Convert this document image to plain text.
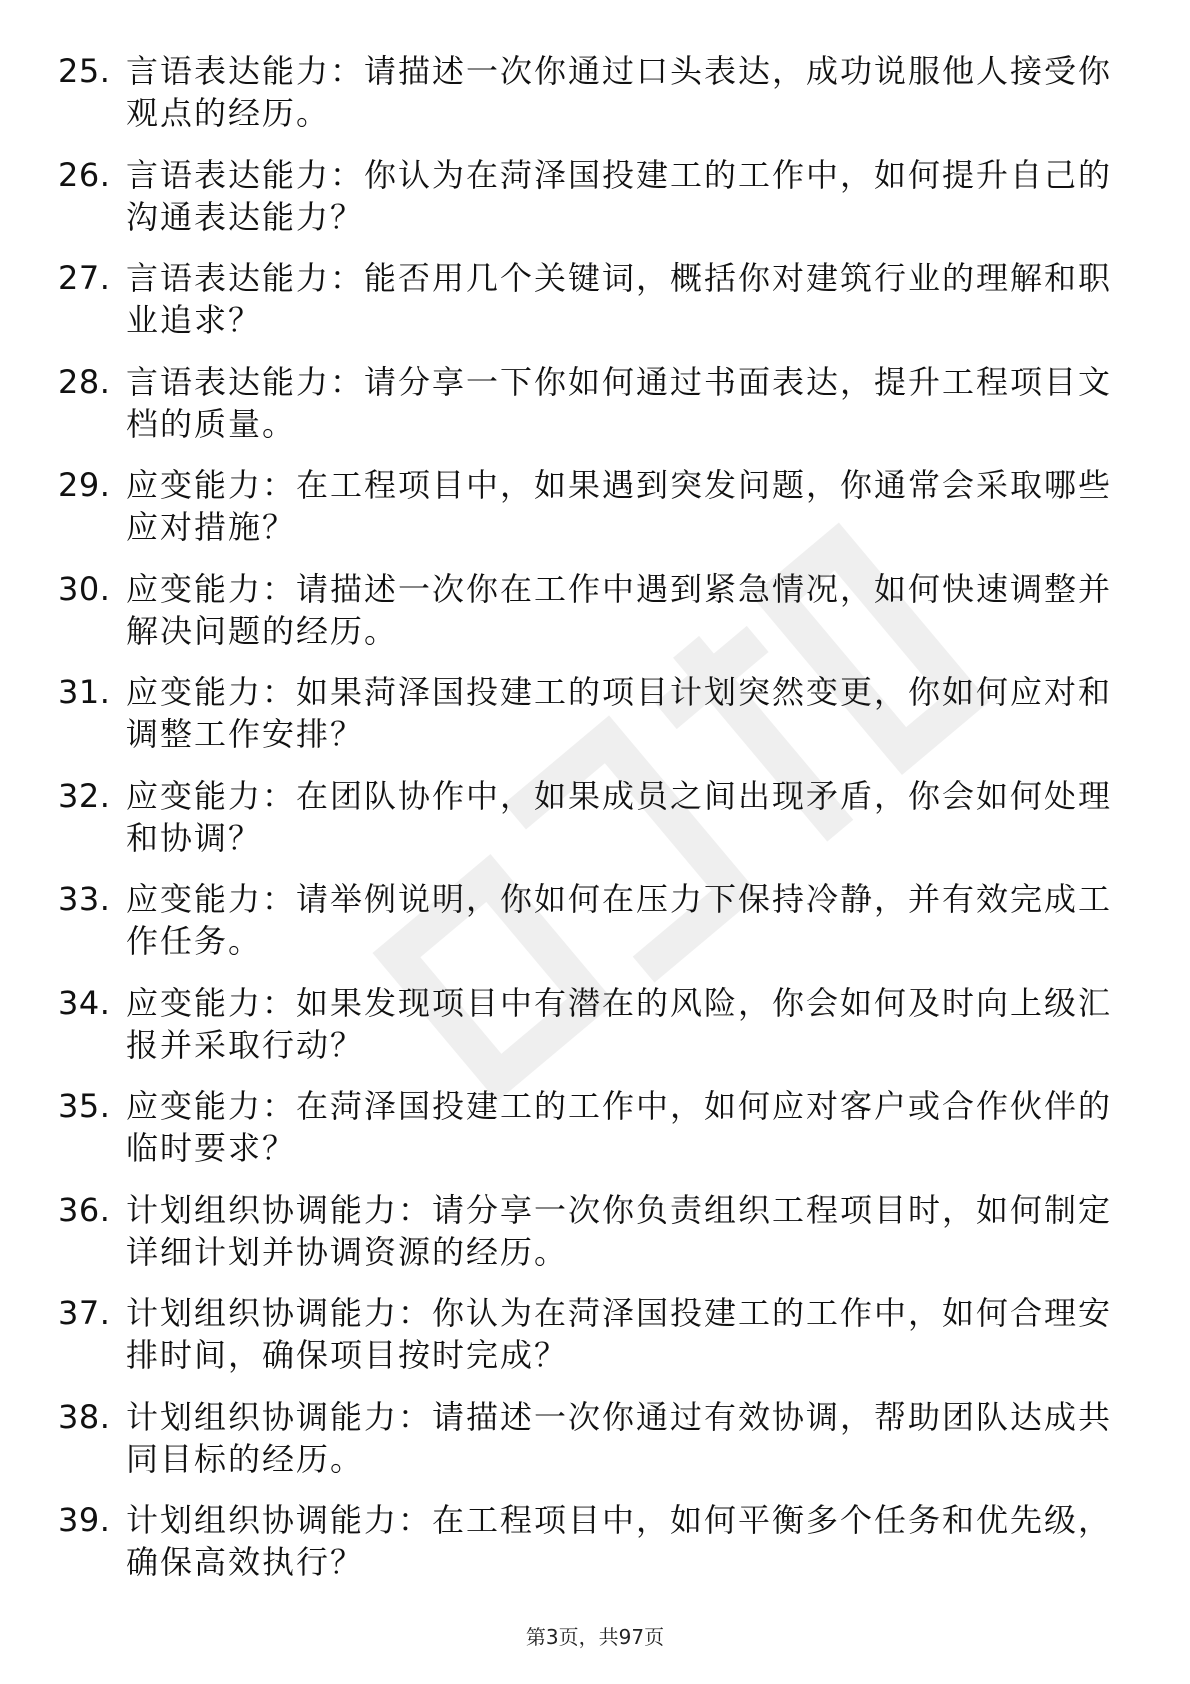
25. 言语表达能力：请描述一次你通过口头表达，成功说服他人接受你观点的经历。
26. 言语表达能力：你认为在菏泽国投建工的工作中，如何提升自己的沟通表达能力？
27. 言语表达能力：能否用几个关键词，概括你对建筑行业的理解和职业追求？
28. 言语表达能力：请分享一下你如何通过书面表达，提升工程项目文档的质量。
29. 应变能力：在工程项目中，如果遇到突发问题，你通常会采取哪些应对措施？
30. 应变能力：请描述一次你在工作中遇到紧急情况，如何快速调整并解决问题的经历。
31. 应变能力：如果菏泽国投建工的项目计划突然变更，你如何应对和调整工作安排？
32. 应变能力：在团队协作中，如果成员之间出现矛盾，你会如何处理和协调？
33. 应变能力：请举例说明，你如何在压力下保持冷静，并有效完成工作任务。
34. 应变能力：如果发现项目中有潜在的风险，你会如何及时向上级汇报并采取行动？
35. 应变能力：在菏泽国投建工的工作中，如何应对客户或合作伙伴的临时要求？
36. 计划组织协调能力：请分享一次你负责组织工程项目时，如何制定详细计划并协调资源的经历。
37. 计划组织协调能力：你认为在菏泽国投建工的工作中，如何合理安排时间，确保项目按时完成？
38. 计划组织协调能力：请描述一次你通过有效协调，帮助团队达成共同目标的经历。
39. 计划组织协调能力：在工程项目中，如何平衡多个任务和优先级，确保高效执行？
第3页，共97页
